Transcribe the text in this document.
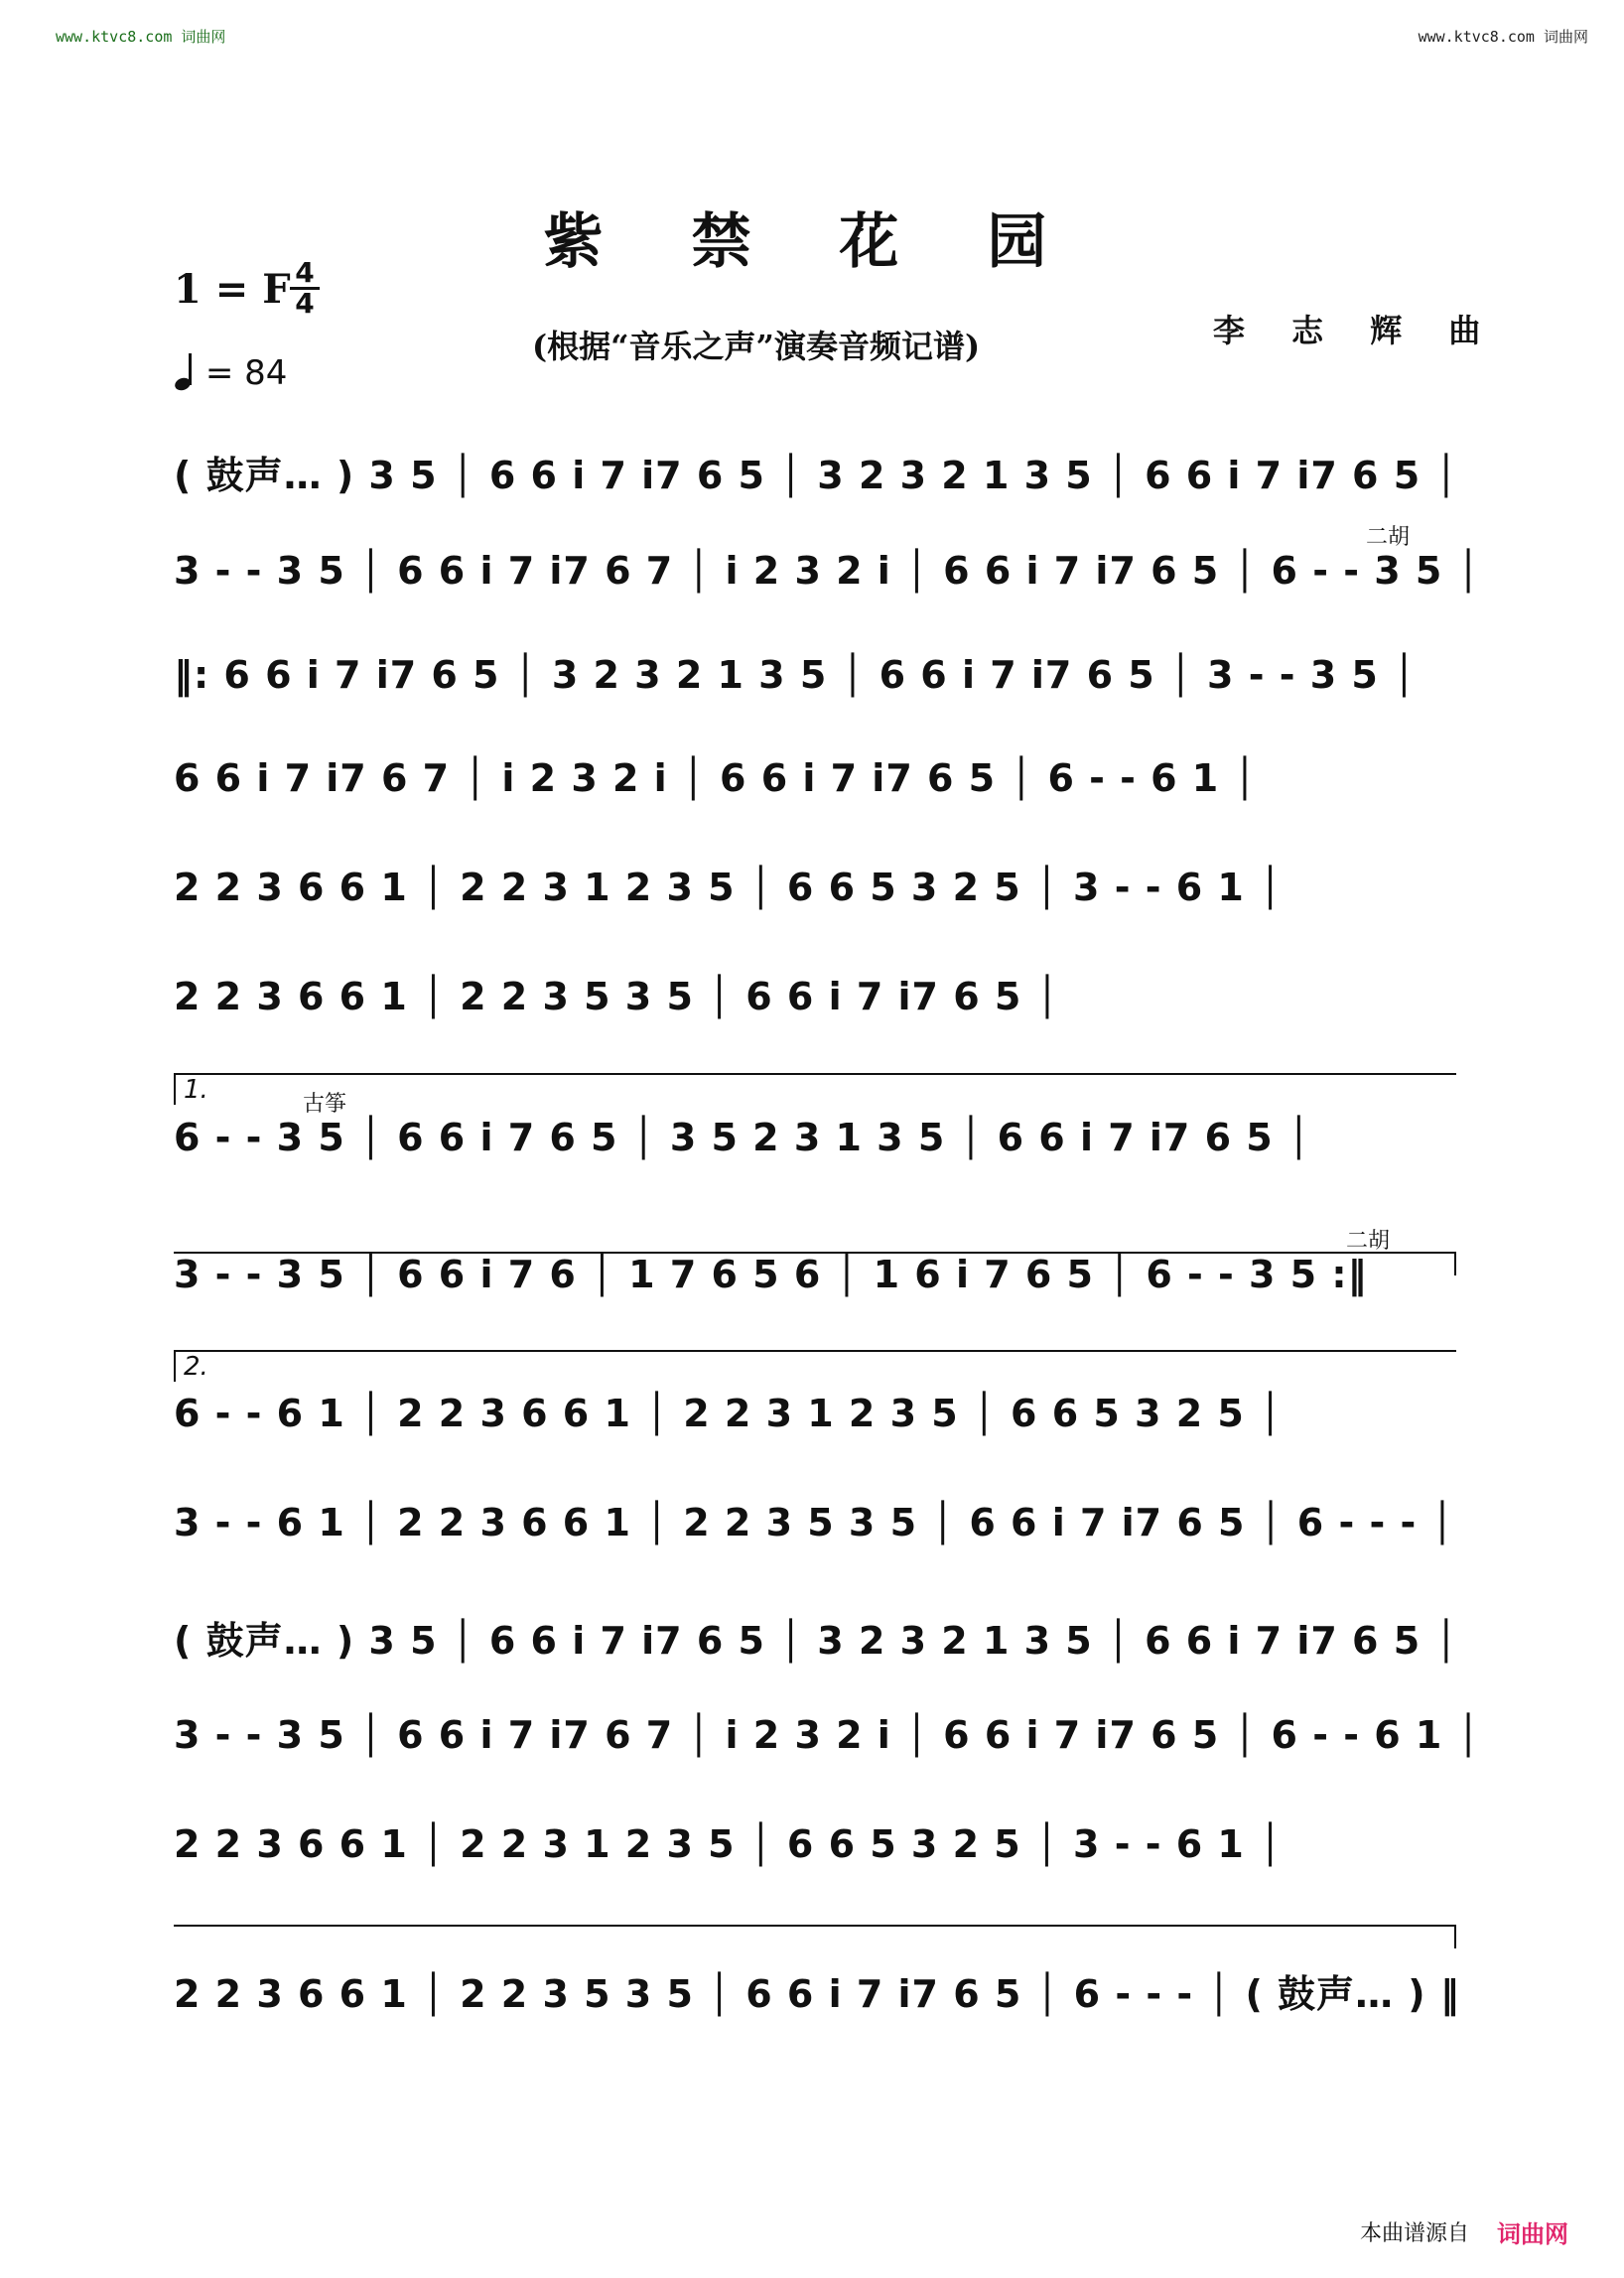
www.ktvc8.com 词曲网	www.ktvc8.com 词曲网
紫 禁 花 园
1 = F 4
4
= 84
(根据“音乐之声”演奏音频记谱)	李 志 辉 曲
二胡
1.	古筝
二胡
2.
( 鼓声… ) 3 5 │ 6 6 i 7 i7 6 5 │ 3 2 3 2 1 3 5 │ 6 6 i 7 i7 6 5 │
3 - - 3 5 │ 6 6 i 7 i7 6 7 │ i 2 3 2 i │ 6 6 i 7 i7 6 5 │ 6 - - 3 5 │
‖: 6 6 i 7 i7 6 5 │ 3 2 3 2 1 3 5 │ 6 6 i 7 i7 6 5 │ 3 - - 3 5 │
6 6 i 7 i7 6 7 │ i 2 3 2 i │ 6 6 i 7 i7 6 5 │ 6 - - 6 1 │
2 2 3 6 6 1 │ 2 2 3 1 2 3 5 │ 6 6 5 3 2 5 │ 3 - - 6 1 │
2 2 3 6 6 1 │ 2 2 3 5 3 5 │ 6 6 i 7 i7 6 5 │
6 - - 3 5 │ 6 6 i 7 6 5 │ 3 5 2 3 1 3 5 │ 6 6 i 7 i7 6 5 │
3 - - 3 5 │ 6 6 i 7 6 │ 1 7 6 5 6 │ 1 6 i 7 6 5 │ 6 - - 3 5 :‖
6 - - 6 1 │ 2 2 3 6 6 1 │ 2 2 3 1 2 3 5 │ 6 6 5 3 2 5 │
3 - - 6 1 │ 2 2 3 6 6 1 │ 2 2 3 5 3 5 │ 6 6 i 7 i7 6 5 │ 6 - - - │
( 鼓声… ) 3 5 │ 6 6 i 7 i7 6 5 │ 3 2 3 2 1 3 5 │ 6 6 i 7 i7 6 5 │
3 - - 3 5 │ 6 6 i 7 i7 6 7 │ i 2 3 2 i │ 6 6 i 7 i7 6 5 │ 6 - - 6 1 │
2 2 3 6 6 1 │ 2 2 3 1 2 3 5 │ 6 6 5 3 2 5 │ 3 - - 6 1 │
2 2 3 6 6 1 │ 2 2 3 5 3 5 │ 6 6 i 7 i7 6 5 │ 6 - - - │ ( 鼓声… ) ‖
本曲谱源自 词曲网
